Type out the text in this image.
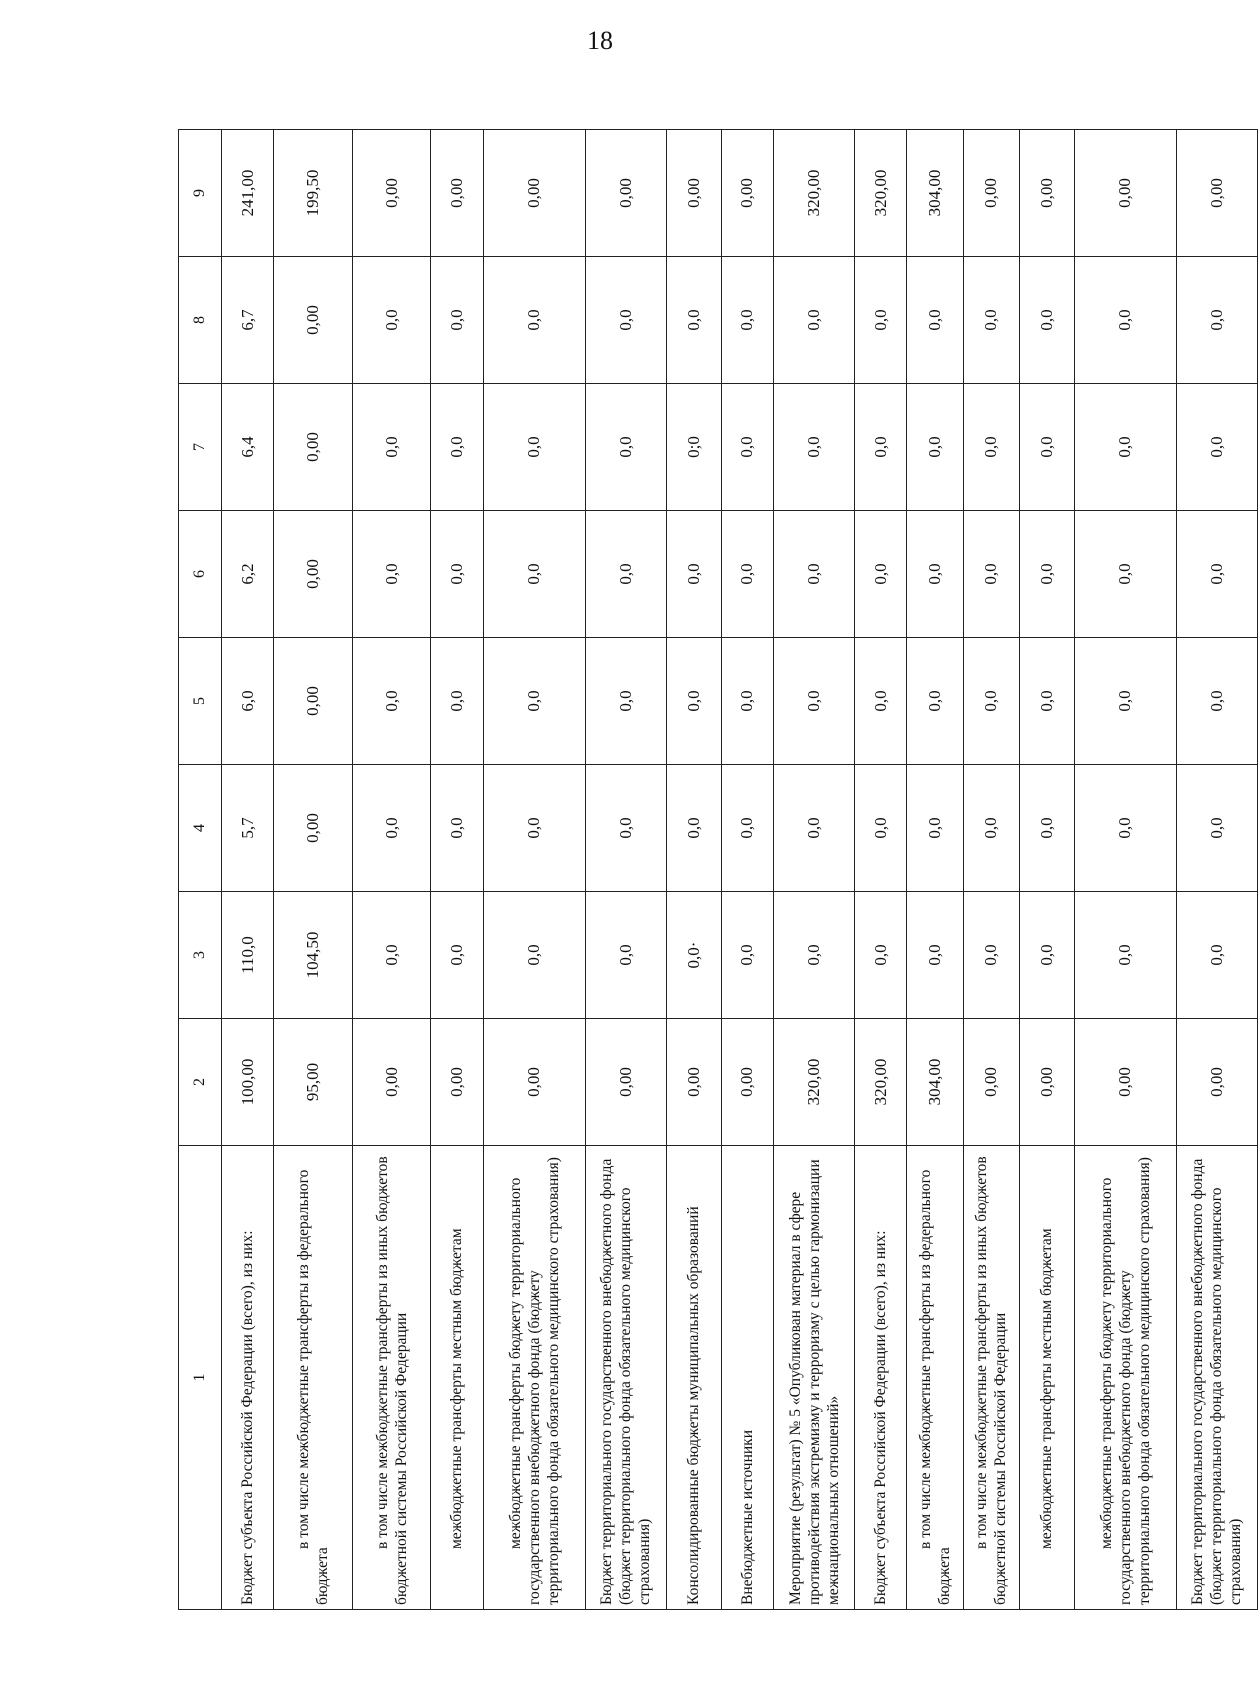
18
1	2	3	4	5	6	7	8	9
Бюджет субъекта Российской Федерации (всего), из них:	100,00	110,0	5,7	6,0	6,2	6,4	6,7	241,00
в том числе межбюджетные трансферты из федерального бюджета	95,00	104,50	0,00	0,00	0,00	0,00	0,00	199,50
в том числе межбюджетные трансферты из иных бюджетов бюджетной системы Российской Федерации	0,00	0,0	0,0	0,0	0,0	0,0	0,0	0,00
межбюджетные трансферты местным бюджетам	0,00	0,0	0,0	0,0	0,0	0,0	0,0	0,00
межбюджетные трансферты бюджету территориального государственного внебюджетного фонда (бюджету территориального фонда обязательного медицинского страхования)	0,00	0,0	0,0	0,0	0,0	0,0	0,0	0,00
Бюджет территориального государственного внебюджетного фонда (бюджет территориального фонда обязательного медицинского страхования)	0,00	0,0	0,0	0,0	0,0	0,0	0,0	0,00
Консолидированные бюджеты муниципальных образований	0,00	0,0·	0,0	0,0	0,0	0;0	0,0	0,00
Внебюджетные источники	0,00	0,0	0,0	0,0	0,0	0,0	0,0	0,00
Мероприятие (результат) № 5 «Опубликован материал в сфере противодействия экстремизму и терроризму с целью гармонизации межнациональных отношений»	320,00	0,0	0,0	0,0	0,0	0,0	0,0	320,00
Бюджет субъекта Российской Федерации (всего), из них:	320,00	0,0	0,0	0,0	0,0	0,0	0,0	320,00
в том числе межбюджетные трансферты из федерального бюджета	304,00	0,0	0,0	0,0	0,0	0,0	0,0	304,00
в том числе межбюджетные трансферты из иных бюджетов бюджетной системы Российской Федерации	0,00	0,0	0,0	0,0	0,0	0,0	0,0	0,00
межбюджетные трансферты местным бюджетам	0,00	0,0	0,0	0,0	0,0	0,0	0,0	0,00
межбюджетные трансферты бюджету территориального государственного внебюджетного фонда (бюджету территориального фонда обязательного медицинского страхования)	0,00	0,0	0,0	0,0	0,0	0,0	0,0	0,00
Бюджет территориального государственного внебюджетного фонда (бюджет территориального фонда обязательного медицинского страхования)	0,00	0,0	0,0	0,0	0,0	0,0	0,0	0,00
